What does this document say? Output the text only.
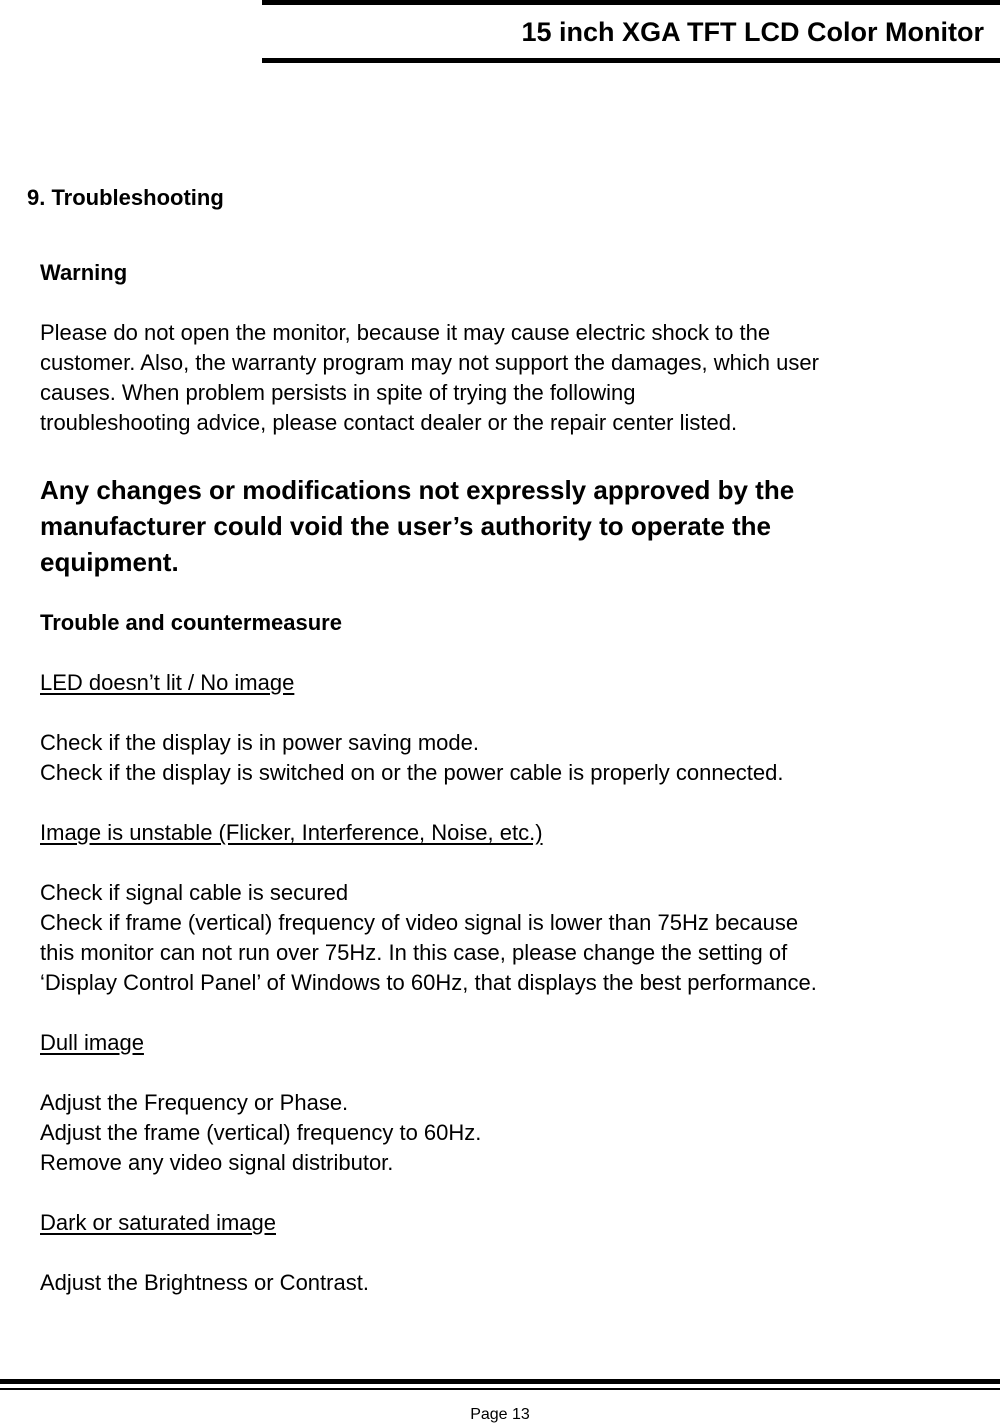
15 inch XGA TFT LCD Color Monitor
9. Troubleshooting
Warning
Please do not open the monitor, because it may cause electric shock to the
customer. Also, the warranty program may not support the damages, which user
causes. When problem persists in spite of trying the following
troubleshooting advice, please contact dealer or the repair center listed.
Any changes or modifications not expressly approved by the
manufacturer could void the user’s authority to operate the
equipment.
Trouble and countermeasure
LED doesn’t lit / No image
Check if the display is in power saving mode.
Check if the display is switched on or the power cable is properly connected.
Image is unstable (Flicker, Interference, Noise, etc.)
Check if signal cable is secured
Check if frame (vertical) frequency of video signal is lower than 75Hz because
this monitor can not run over 75Hz. In this case, please change the setting of
‘Display Control Panel’ of Windows to 60Hz, that displays the best performance.
Dull image
Adjust the Frequency or Phase.
Adjust the frame (vertical) frequency to 60Hz.
Remove any video signal distributor.
Dark or saturated image
Adjust the Brightness or Contrast.
Page 13
